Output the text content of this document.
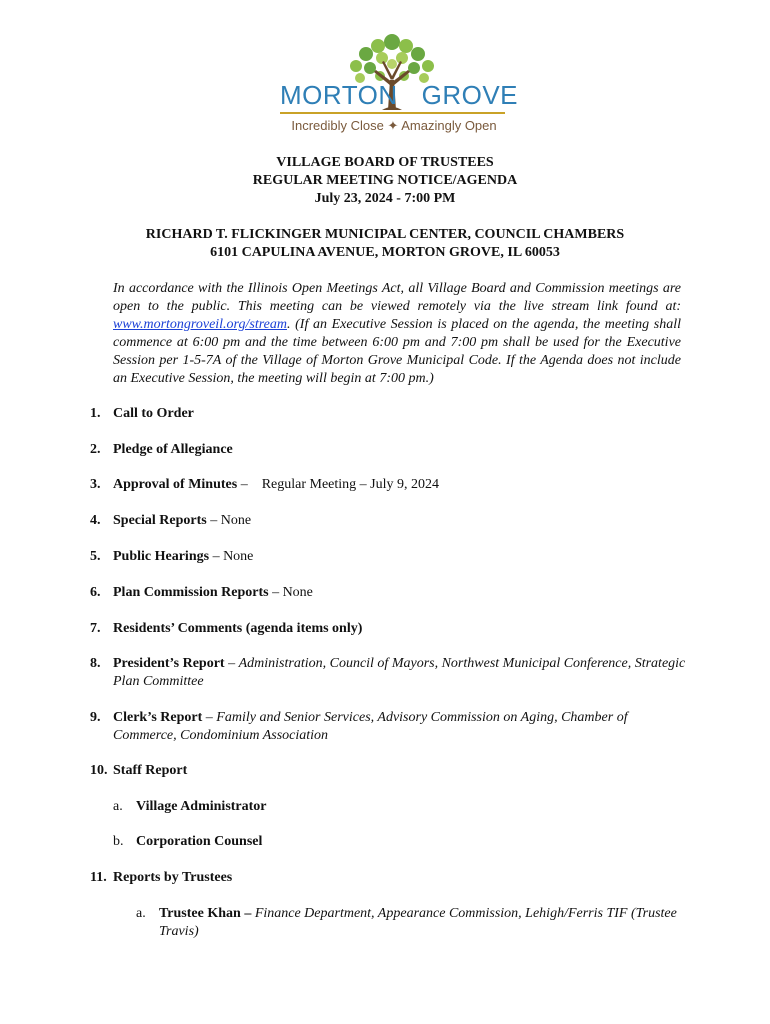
MORTON GROVE
Incredibly Close ✦ Amazingly Open
VILLAGE BOARD OF TRUSTEES
REGULAR MEETING NOTICE/AGENDA
July 23, 2024 - 7:00 PM
RICHARD T. FLICKINGER MUNICIPAL CENTER, COUNCIL CHAMBERS
6101 CAPULINA AVENUE, MORTON GROVE, IL 60053
In accordance with the Illinois Open Meetings Act, all Village Board and Commission meetings are open to the public. This meeting can be viewed remotely via the live stream link found at: www.mortongroveil.org/stream. (If an Executive Session is placed on the agenda, the meeting shall commence at 6:00 pm and the time between 6:00 pm and 7:00 pm shall be used for the Executive Session per 1-5-7A of the Village of Morton Grove Municipal Code. If the Agenda does not include an Executive Session, the meeting will begin at 7:00 pm.)
1. Call to Order
2. Pledge of Allegiance
3. Approval of Minutes –    Regular Meeting – July 9, 2024
4. Special Reports – None
5. Public Hearings – None
6. Plan Commission Reports – None
7. Residents’ Comments (agenda items only)
8. President’s Report – Administration, Council of Mayors, Northwest Municipal Conference, Strategic Plan Committee
9. Clerk’s Report – Family and Senior Services, Advisory Commission on Aging, Chamber of Commerce, Condominium Association
10. Staff Report
a. Village Administrator
b. Corporation Counsel
11. Reports by Trustees
a. Trustee Khan – Finance Department, Appearance Commission, Lehigh/Ferris TIF (Trustee Travis)
